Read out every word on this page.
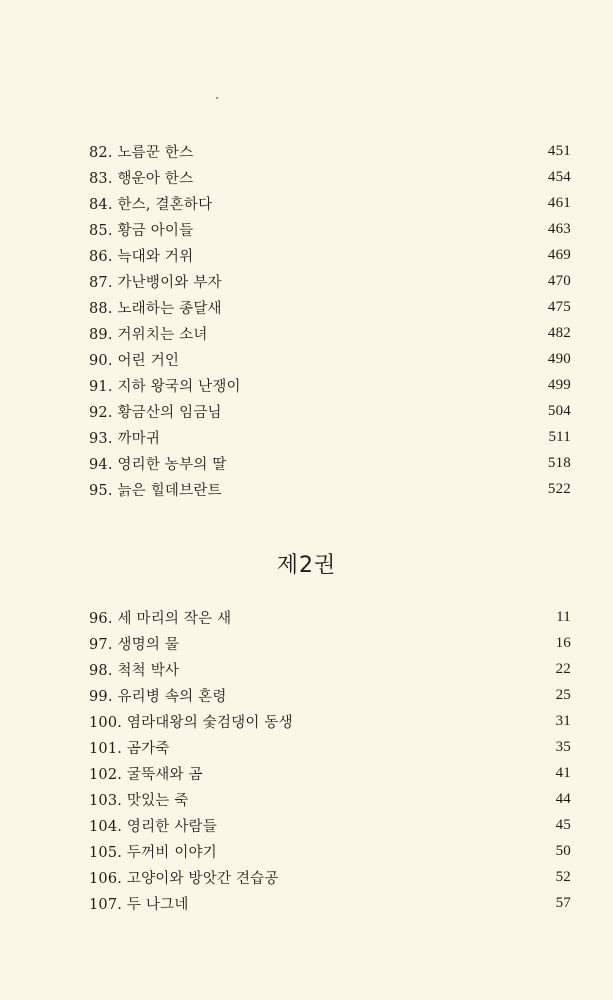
82. 노름꾼 한스	451
83. 행운아 한스	454
84. 한스, 결혼하다	461
85. 황금 아이들	463
86. 늑대와 거위	469
87. 가난뱅이와 부자	470
88. 노래하는 종달새	475
89. 거위치는 소녀	482
90. 어린 거인	490
91. 지하 왕국의 난쟁이	499
92. 황금산의 임금님	504
93. 까마귀	511
94. 영리한 농부의 딸	518
95. 늙은 힐데브란트	522
제2권
96. 세 마리의 작은 새	11
97. 생명의 물	16
98. 척척 박사	22
99. 유리병 속의 혼령	25
100. 염라대왕의 숯검댕이 동생	31
101. 곰가죽	35
102. 굴뚝새와 곰	41
103. 맛있는 죽	44
104. 영리한 사람들	45
105. 두꺼비 이야기	50
106. 고양이와 방앗간 견습공	52
107. 두 나그네	57
